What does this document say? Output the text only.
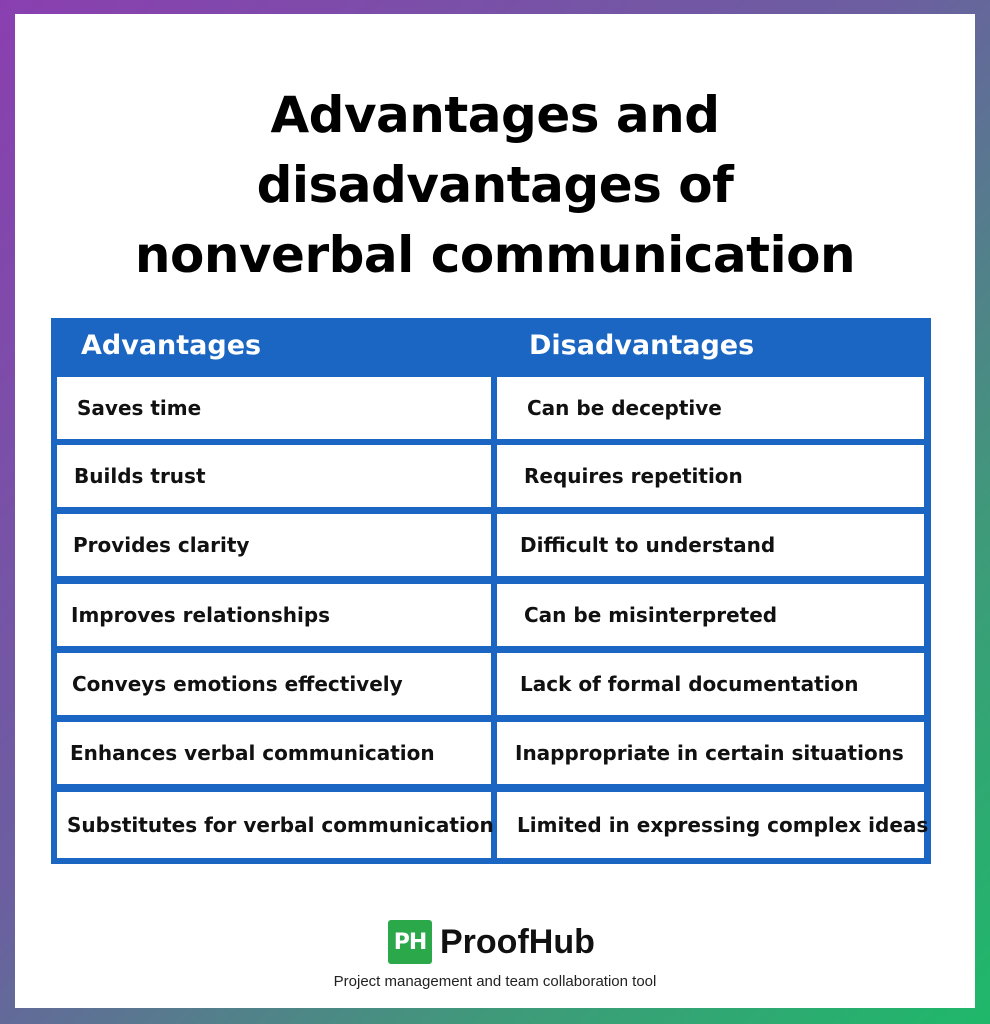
Advantages and
disadvantages of
nonverbal communication
Advantages	Disadvantages
Saves time	Can be deceptive
Builds trust	Requires repetition
Provides clarity	Difficult to understand
Improves relationships	Can be misinterpreted
Conveys emotions effectively	Lack of formal documentation
Enhances verbal communication	Inappropriate in certain situations
Substitutes for verbal communication	Limited in expressing complex ideas
PH ProofHub
Project management and team collaboration tool
